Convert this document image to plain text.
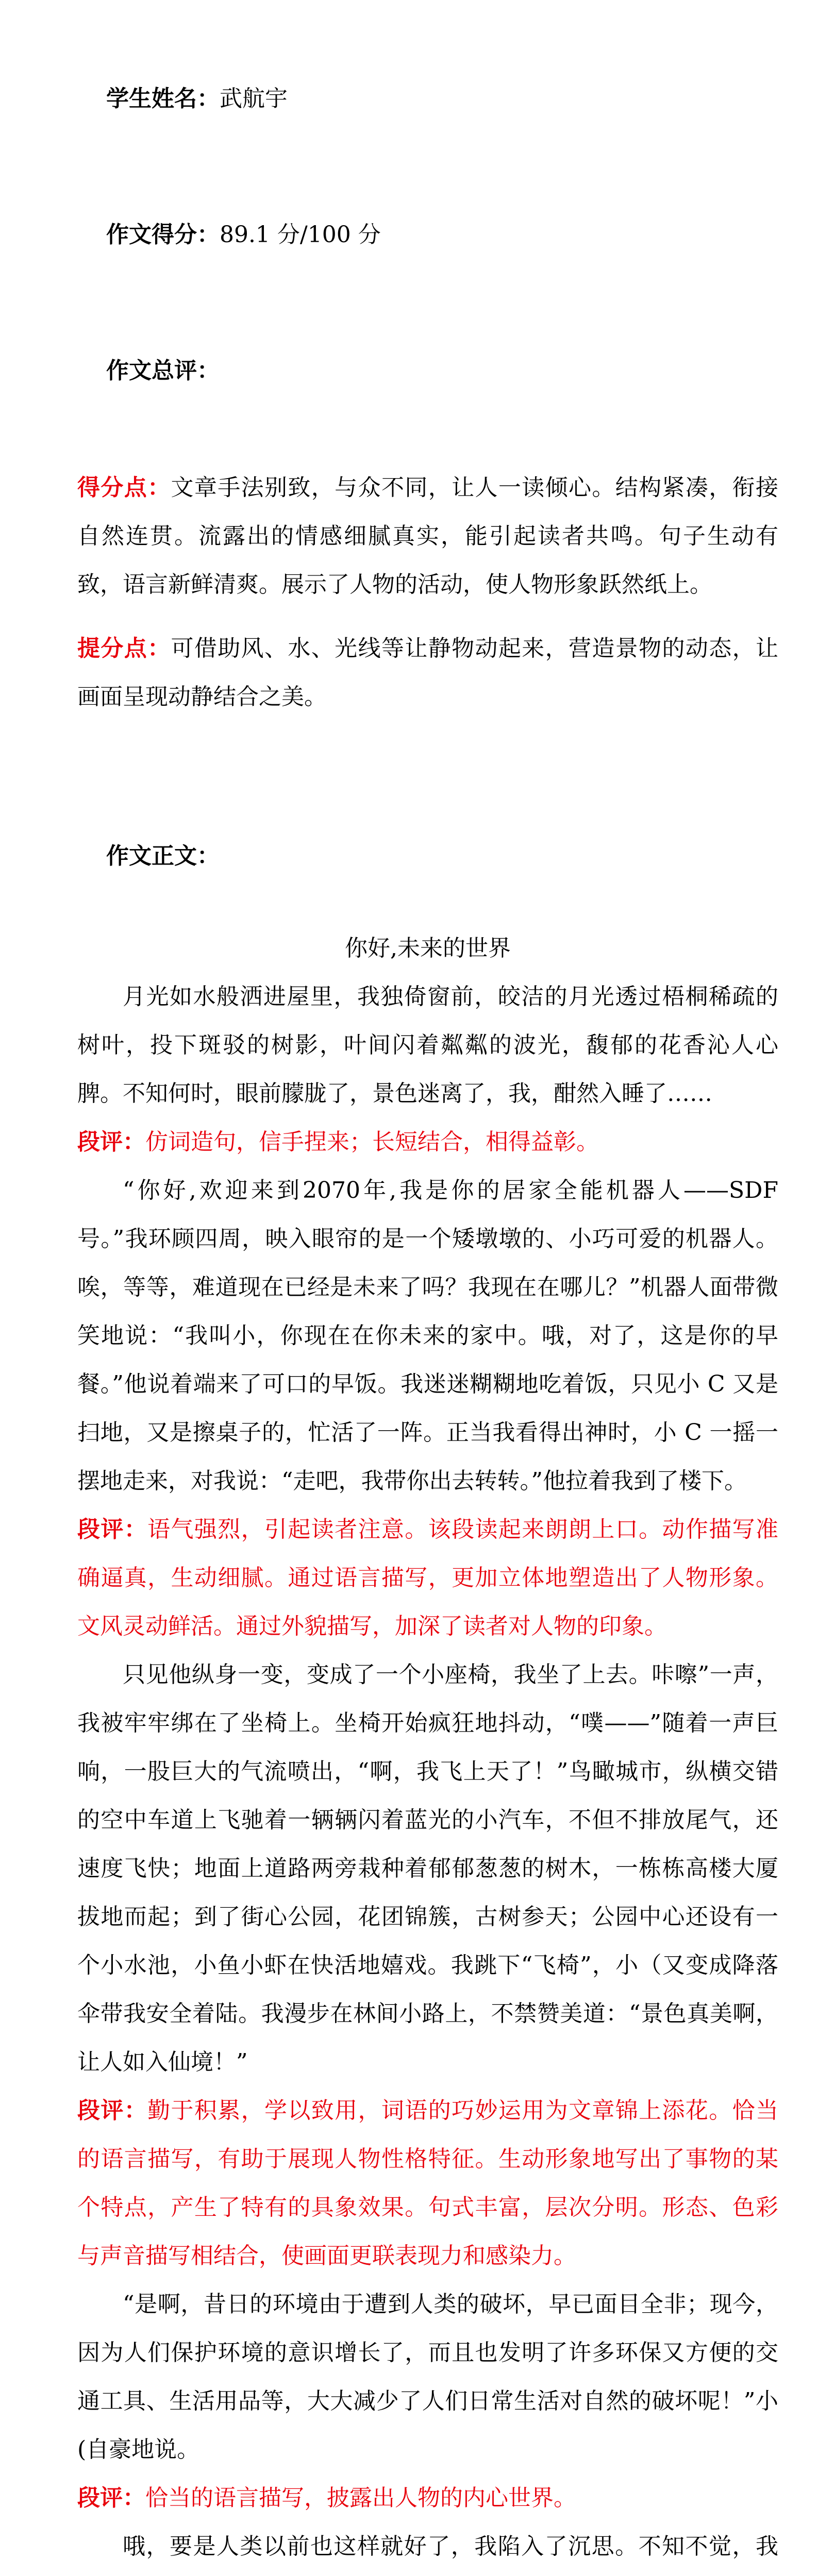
学生姓名：武航宇

作文得分：89.1 分/100 分

作文总评：

得分点：文章手法别致，与众不同，让人一读倾心。结构紧凑，衔接自然连贯。流露出的情感细腻真实，能引起读者共鸣。句子生动有致，语言新鲜清爽。展示了人物的活动，使人物形象跃然纸上。
提分点：可借助风、水、光线等让静物动起来，营造景物的动态，让画面呈现动静结合之美。

作文正文：

你好,未来的世界
月光如水般洒进屋里，我独倚窗前，皎洁的月光透过梧桐稀疏的树叶，投下斑驳的树影，叶间闪着粼粼的波光，馥郁的花香沁人心脾。不知何时，眼前朦胧了，景色迷离了，我，酣然入睡了……
段评：仿词造句，信手捏来；长短结合，相得益彰。
“你好,欢迎来到2070年,我是你的居家全能机器人——SDF 号。”我环顾四周，映入眼帘的是一个矮墩墩的、小巧可爱的机器人。唉，等等，难道现在已经是未来了吗？我现在在哪儿？”机器人面带微笑地说：“我叫小，你现在在你未来的家中。哦，对了，这是你的早餐。”他说着端来了可口的早饭。我迷迷糊糊地吃着饭，只见小 C 又是扫地，又是擦桌子的，忙活了一阵。正当我看得出神时，小 C 一摇一摆地走来，对我说：“走吧，我带你出去转转。”他拉着我到了楼下。
段评：语气强烈，引起读者注意。该段读起来朗朗上口。动作描写准确逼真，生动细腻。通过语言描写，更加立体地塑造出了人物形象。文风灵动鲜活。通过外貌描写，加深了读者对人物的印象。
只见他纵身一变，变成了一个小座椅，我坐了上去。咔嚓”一声，我被牢牢绑在了坐椅上。坐椅开始疯狂地抖动，“噗——”随着一声巨响，一股巨大的气流喷出，“啊，我飞上天了！”鸟瞰城市，纵横交错的空中车道上飞驰着一辆辆闪着蓝光的小汽车，不但不排放尾气，还速度飞快；地面上道路两旁栽种着郁郁葱葱的树木，一栋栋高楼大厦拔地而起；到了街心公园，花团锦簇，古树参天；公园中心还设有一个小水池，小鱼小虾在快活地嬉戏。我跳下“飞椅”，小（又变成降落伞带我安全着陆。我漫步在林间小路上，不禁赞美道：“景色真美啊，让人如入仙境！”
段评：勤于积累，学以致用，词语的巧妙运用为文章锦上添花。恰当的语言描写，有助于展现人物性格特征。生动形象地写出了事物的某个特点，产生了特有的具象效果。句式丰富，层次分明。形态、色彩与声音描写相结合，使画面更联表现力和感染力。
“是啊，昔日的环境由于遭到人类的破坏，早已面目全非；现今，因为人们保护环境的意识增长了，而且也发明了许多环保又方便的交通工具、生活用品等，大大减少了人们日常生活对自然的破坏呢！”小(自豪地说。
段评：恰当的语言描写，披露出人物的内心世界。
哦，要是人类以前也这样就好了，我陷入了沉思。不知不觉，我
